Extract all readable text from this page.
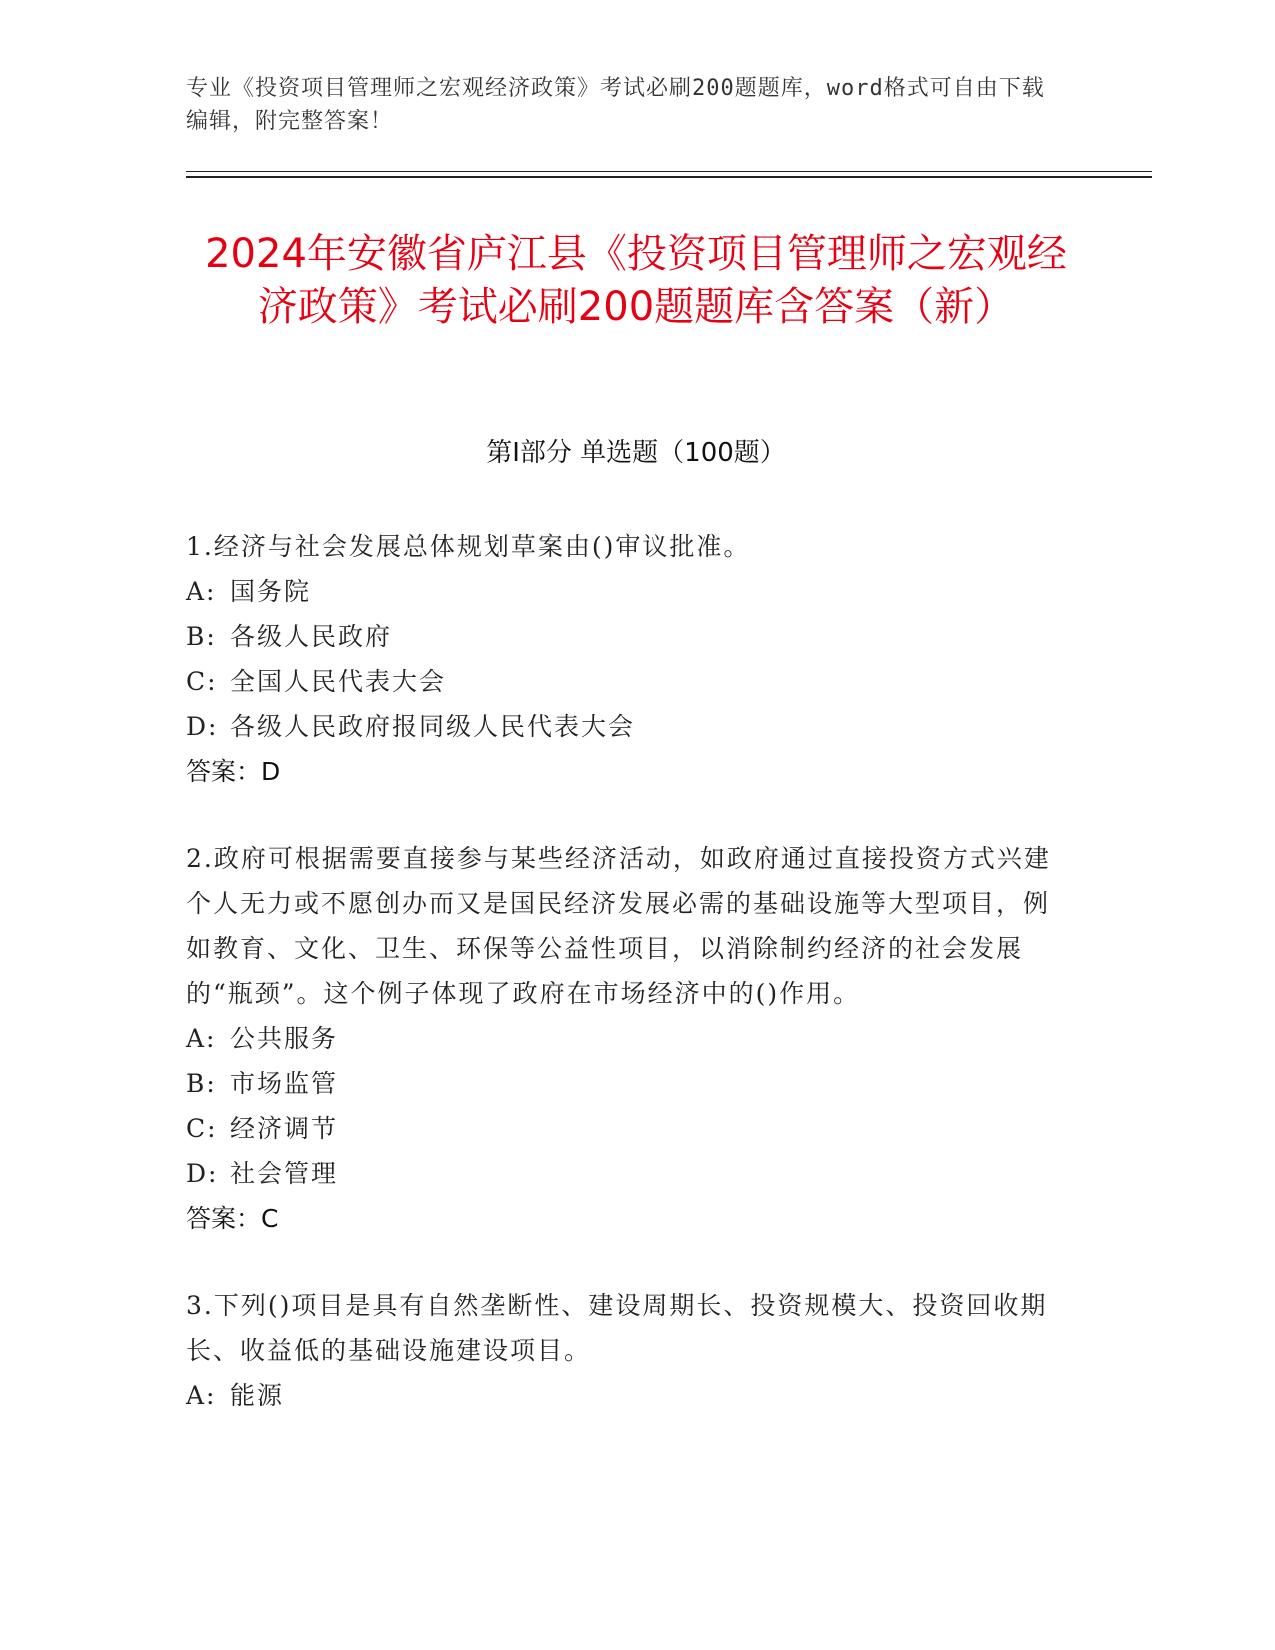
专业《投资项目管理师之宏观经济政策》考试必刷200题题库，word格式可自由下载编辑，附完整答案！
2024年安徽省庐江县《投资项目管理师之宏观经济政策》考试必刷200题题库含答案（新）
第I部分 单选题（100题）
1.经济与社会发展总体规划草案由()审议批准。
A: 国务院
B: 各级人民政府
C: 全国人民代表大会
D: 各级人民政府报同级人民代表大会
答案：D
2.政府可根据需要直接参与某些经济活动，如政府通过直接投资方式兴建个人无力或不愿创办而又是国民经济发展必需的基础设施等大型项目，例如教育、文化、卫生、环保等公益性项目，以消除制约经济的社会发展的“瓶颈”。这个例子体现了政府在市场经济中的()作用。
A: 公共服务
B: 市场监管
C: 经济调节
D: 社会管理
答案：C
3.下列()项目是具有自然垄断性、建设周期长、投资规模大、投资回收期长、收益低的基础设施建设项目。
A: 能源
